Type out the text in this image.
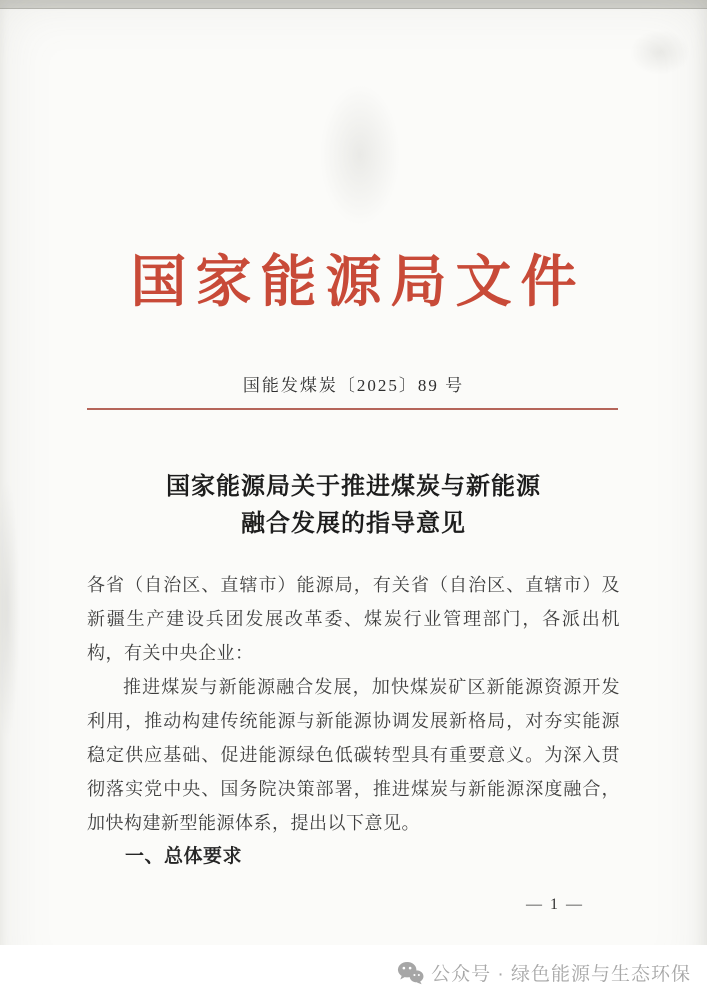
国家能源局文件
国能发煤炭〔2025〕89 号
国家能源局关于推进煤炭与新能源
融合发展的指导意见

各省（自治区、直辖市）能源局，有关省（自治区、直辖市）及新疆生产建设兵团发展改革委、煤炭行业管理部门，各派出机构，有关中央企业：

推进煤炭与新能源融合发展，加快煤炭矿区新能源资源开发利用，推动构建传统能源与新能源协调发展新格局，对夯实能源稳定供应基础、促进能源绿色低碳转型具有重要意义。为深入贯彻落实党中央、国务院决策部署，推进煤炭与新能源深度融合，加快构建新型能源体系，提出以下意见。

一、总体要求

— 1 —
公众号 · 绿色能源与生态环保
